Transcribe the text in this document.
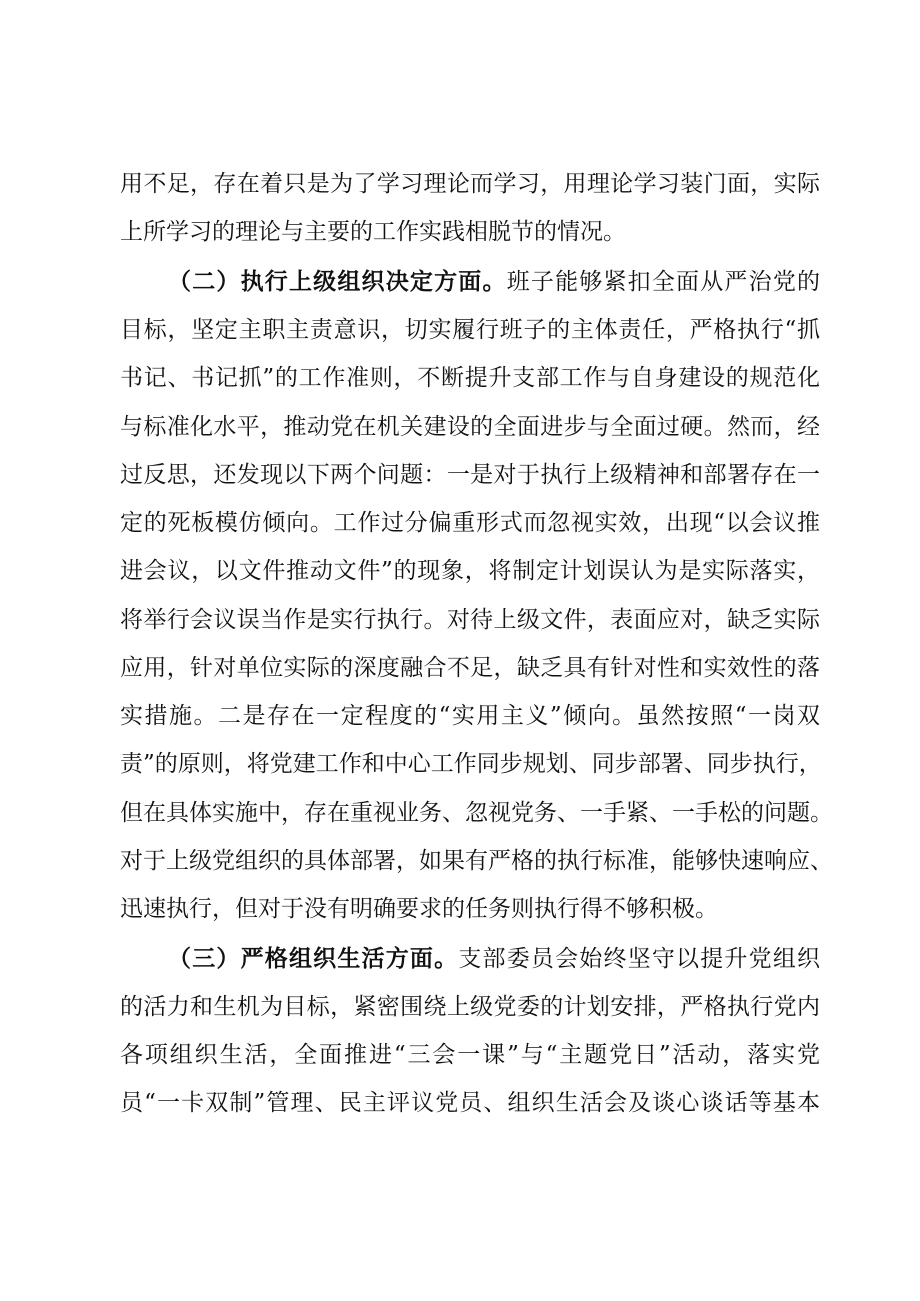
用不足，存在着只是为了学习理论而学习，用理论学习装门面，实际
上所学习的理论与主要的工作实践相脱节的情况。
（二）执行上级组织决定方面。班子能够紧扣全面从严治党的
目标，坚定主职主责意识，切实履行班子的主体责任，严格执行“抓
书记、书记抓”的工作准则，不断提升支部工作与自身建设的规范化
与标准化水平，推动党在机关建设的全面进步与全面过硬。然而，经
过反思，还发现以下两个问题：一是对于执行上级精神和部署存在一
定的死板模仿倾向。工作过分偏重形式而忽视实效，出现“以会议推
进会议，以文件推动文件”的现象，将制定计划误认为是实际落实，
将举行会议误当作是实行执行。对待上级文件，表面应对，缺乏实际
应用，针对单位实际的深度融合不足，缺乏具有针对性和实效性的落
实措施。二是存在一定程度的“实用主义”倾向。虽然按照“一岗双
责”的原则，将党建工作和中心工作同步规划、同步部署、同步执行，
但在具体实施中，存在重视业务、忽视党务、一手紧、一手松的问题。
对于上级党组织的具体部署，如果有严格的执行标准，能够快速响应、
迅速执行，但对于没有明确要求的任务则执行得不够积极。
（三）严格组织生活方面。支部委员会始终坚守以提升党组织
的活力和生机为目标，紧密围绕上级党委的计划安排，严格执行党内
各项组织生活，全面推进“三会一课”与“主题党日”活动，落实党
员“一卡双制”管理、民主评议党员、组织生活会及谈心谈话等基本
